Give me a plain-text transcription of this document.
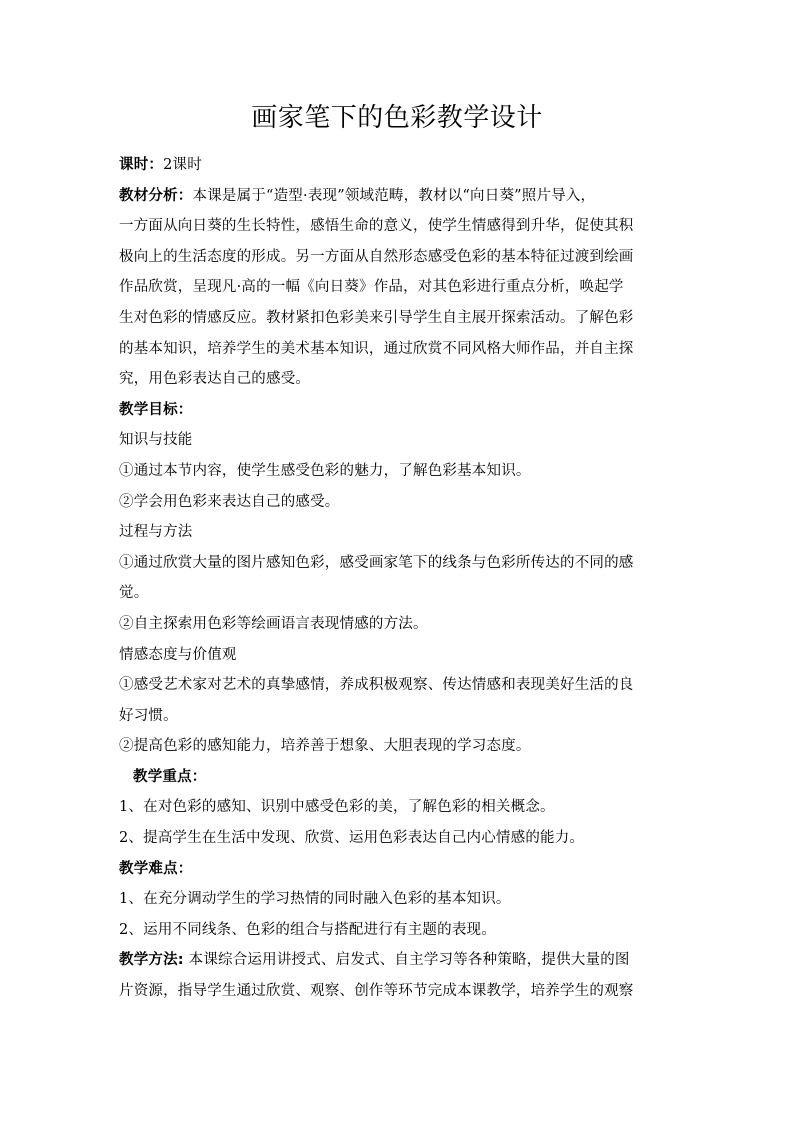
画家笔下的色彩教学设计
课时：2课时
教材分析：本课是属于“造型·表现”领域范畴，教材以“向日葵”照片导入，
一方面从向日葵的生长特性，感悟生命的意义，使学生情感得到升华，促使其积
极向上的生活态度的形成。另一方面从自然形态感受色彩的基本特征过渡到绘画
作品欣赏，呈现凡·高的一幅《向日葵》作品，对其色彩进行重点分析，唤起学
生对色彩的情感反应。教材紧扣色彩美来引导学生自主展开探索活动。了解色彩
的基本知识，培养学生的美术基本知识，通过欣赏不同风格大师作品，并自主探
究，用色彩表达自己的感受。
教学目标：
知识与技能
①通过本节内容，使学生感受色彩的魅力，了解色彩基本知识。
②学会用色彩来表达自己的感受。
过程与方法
①通过欣赏大量的图片感知色彩，感受画家笔下的线条与色彩所传达的不同的感
觉。
②自主探索用色彩等绘画语言表现情感的方法。
情感态度与价值观
①感受艺术家对艺术的真挚感情，养成积极观察、传达情感和表现美好生活的良
好习惯。
②提高色彩的感知能力，培养善于想象、大胆表现的学习态度。
教学重点：
1、在对色彩的感知、识别中感受色彩的美，了解色彩的相关概念。
2、提高学生在生活中发现、欣赏、运用色彩表达自己内心情感的能力。
教学难点：
1、在充分调动学生的学习热情的同时融入色彩的基本知识。
2、运用不同线条、色彩的组合与搭配进行有主题的表现。
教学方法: 本课综合运用讲授式、启发式、自主学习等各种策略，提供大量的图
片资源，指导学生通过欣赏、观察、创作等环节完成本课教学，培养学生的观察
